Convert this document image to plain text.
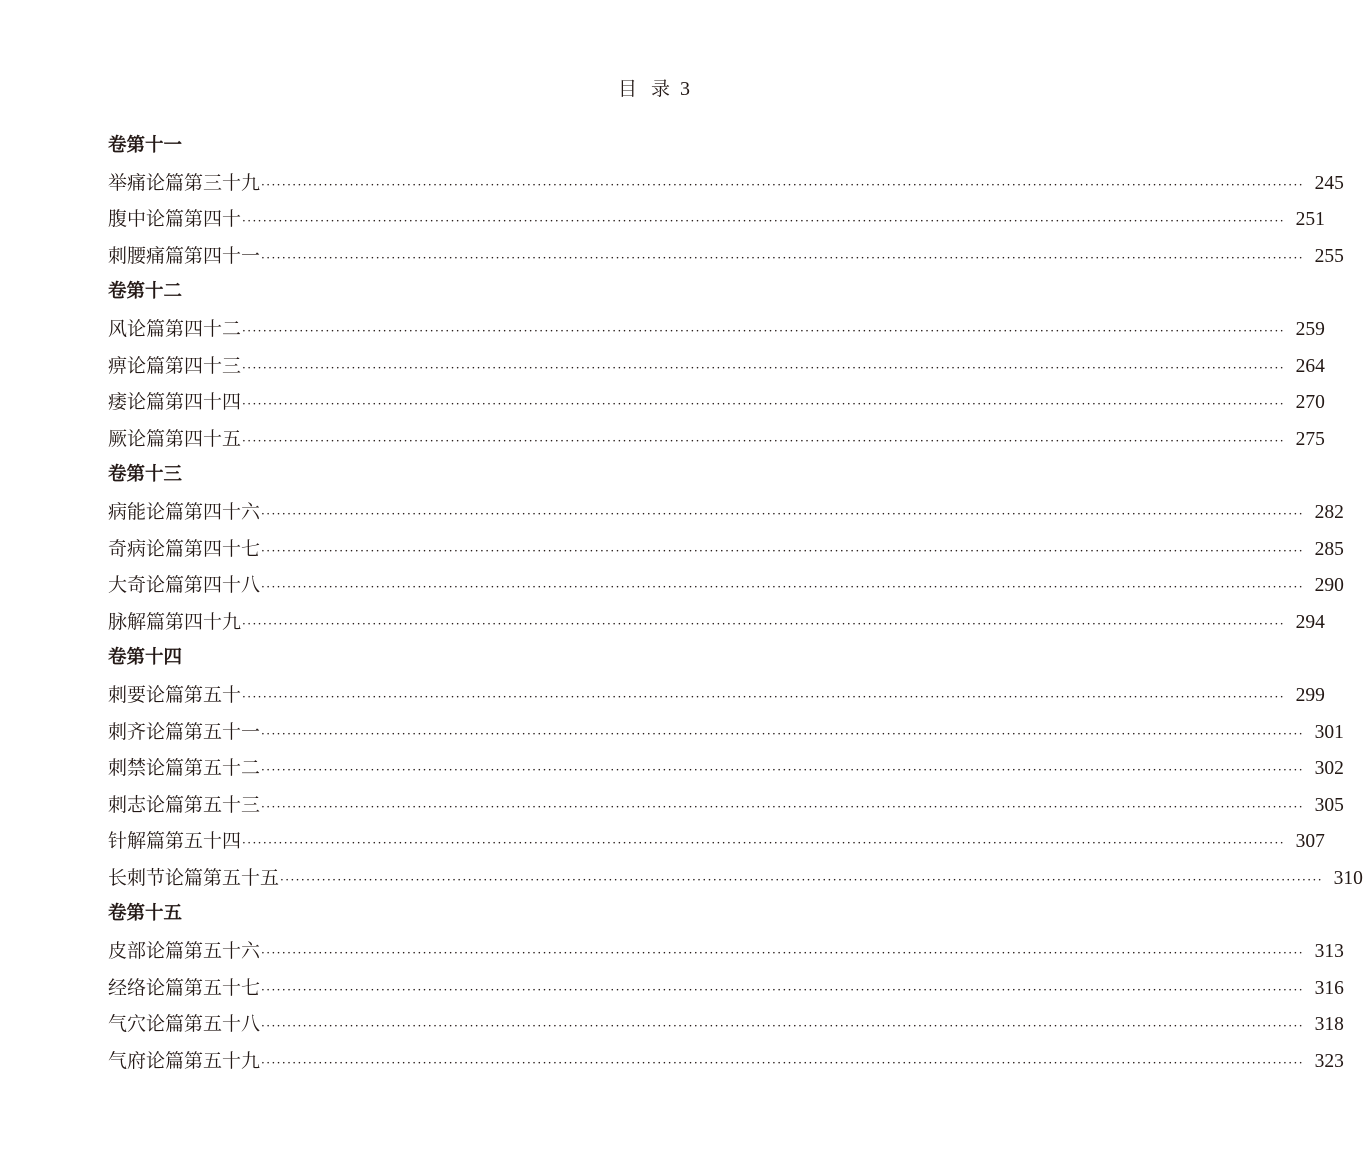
目 录 3
卷第十一
举痛论篇第三十九 ········································································································································································································ 245
腹中论篇第四十 ········································································································································································································ 251
刺腰痛篇第四十一 ········································································································································································································ 255
卷第十二
风论篇第四十二 ········································································································································································································ 259
痹论篇第四十三 ········································································································································································································ 264
痿论篇第四十四 ········································································································································································································ 270
厥论篇第四十五 ········································································································································································································ 275
卷第十三
病能论篇第四十六 ········································································································································································································ 282
奇病论篇第四十七 ········································································································································································································ 285
大奇论篇第四十八 ········································································································································································································ 290
脉解篇第四十九 ········································································································································································································ 294
卷第十四
刺要论篇第五十 ········································································································································································································ 299
刺齐论篇第五十一 ········································································································································································································ 301
刺禁论篇第五十二 ········································································································································································································ 302
刺志论篇第五十三 ········································································································································································································ 305
针解篇第五十四 ········································································································································································································ 307
长刺节论篇第五十五 ········································································································································································································ 310
卷第十五
皮部论篇第五十六 ········································································································································································································ 313
经络论篇第五十七 ········································································································································································································ 316
气穴论篇第五十八 ········································································································································································································ 318
气府论篇第五十九 ········································································································································································································ 323
